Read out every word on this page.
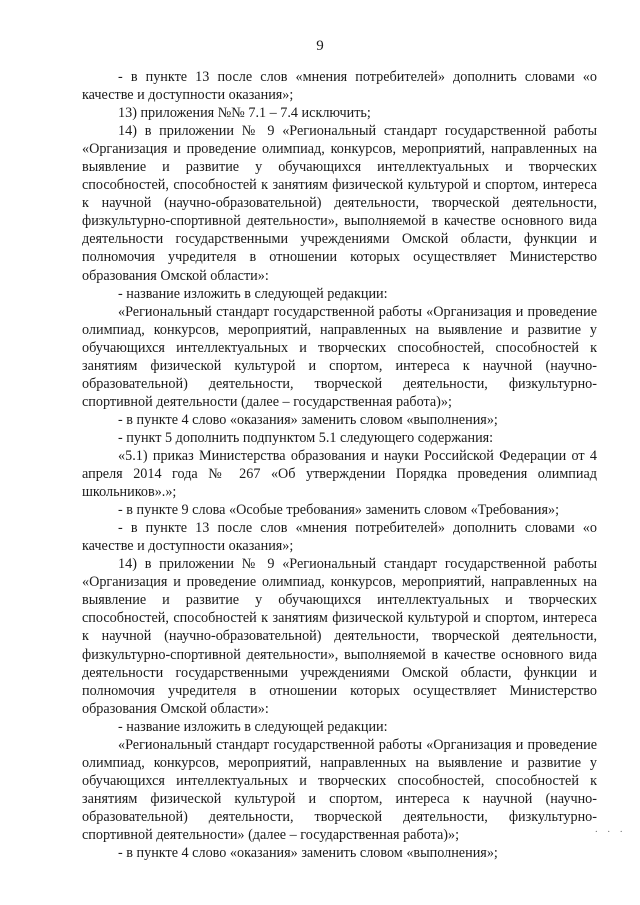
9

- в пункте 13 после слов «мнения потребителей» дополнить словами «о качестве и доступности оказания»;

13) приложения №№ 7.1 – 7.4 исключить;

14) в приложении № 9 «Региональный стандарт государственной работы «Организация и проведение олимпиад, конкурсов, мероприятий, направленных на выявление и развитие у обучающихся интеллектуальных и творческих способностей, способностей к занятиям физической культурой и спортом, интереса к научной (научно-образовательной) деятельности, творческой деятельности, физкультурно-спортивной деятельности», выполняемой в качестве основного вида деятельности государственными учреждениями Омской области, функции и полномочия учредителя в отношении которых осуществляет Министерство образования Омской области»:

- название изложить в следующей редакции:

«Региональный стандарт государственной работы «Организация и проведение олимпиад, конкурсов, мероприятий, направленных на выявление и развитие у обучающихся интеллектуальных и творческих способностей, способностей к занятиям физической культурой и спортом, интереса к научной (научно-образовательной) деятельности, творческой деятельности, физкультурно-спортивной деятельности (далее – государственная работа)»;

- в пункте 4 слово «оказания» заменить словом «выполнения»;

- пункт 5 дополнить подпунктом 5.1 следующего содержания:

«5.1) приказ Министерства образования и науки Российской Федерации от 4 апреля 2014 года № 267 «Об утверждении Порядка проведения олимпиад школьников».»;

- в пункте 9 слова «Особые требования» заменить словом «Требования»;

- в пункте 13 после слов «мнения потребителей» дополнить словами «о качестве и доступности оказания»;

14) в приложении № 9 «Региональный стандарт государственной работы «Организация и проведение олимпиад, конкурсов, мероприятий, направленных на выявление и развитие у обучающихся интеллектуальных и творческих способностей, способностей к занятиям физической культурой и спортом, интереса к научной (научно-образовательной) деятельности, творческой деятельности, физкультурно-спортивной деятельности», выполняемой в качестве основного вида деятельности государственными учреждениями Омской области, функции и полномочия учредителя в отношении которых осуществляет Министерство образования Омской области»:

- название изложить в следующей редакции:

«Региональный стандарт государственной работы «Организация и проведение олимпиад, конкурсов, мероприятий, направленных на выявление и развитие у обучающихся интеллектуальных и творческих способностей, способностей к занятиям физической культурой и спортом, интереса к научной (научно-образовательной) деятельности, творческой деятельности, физкультурно-спортивной деятельности» (далее – государственная работа)»;

- в пункте 4 слово «оказания» заменить словом «выполнения»;

· · ·
